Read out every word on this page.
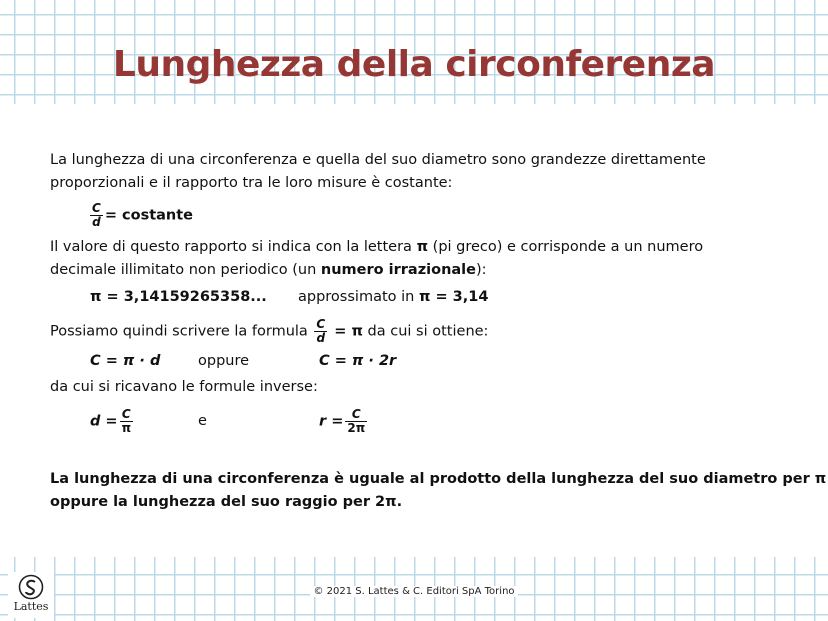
Lunghezza della circonferenza
La lunghezza di una circonferenza e quella del suo diametro sono grandezze direttamente
proporzionali e il rapporto tra le loro misure è costante:
$\frac{C}{d}$ = costante
Il valore di questo rapporto si indica con la lettera π (pi greco) e corrisponde a un numero
decimale illimitato non periodico (un numero irrazionale):
π = 3,14159265358... approssimato in π = 3,14
Possiamo quindi scrivere la formula $\frac{C}{d} = \pi$ da cui si ottiene:
C = π · d	oppure	C = π · 2r
da cui si ricavano le formule inverse:
$d = \frac{C}{\pi}$	e	$r = \frac{C}{2\pi}$
La lunghezza di una circonferenza è uguale al prodotto della lunghezza del suo diametro per π
oppure la lunghezza del suo raggio per 2π.
© 2021 S. Lattes & C. Editori SpA Torino
Lattes
